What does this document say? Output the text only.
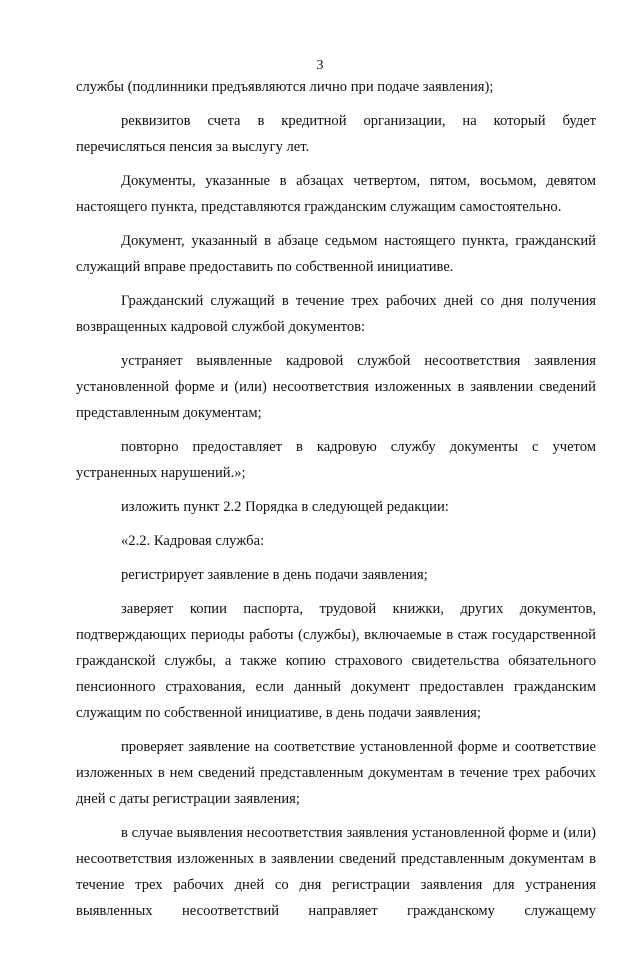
3

службы (подлинники предъявляются лично при подаче заявления);

реквизитов счета в кредитной организации, на который будет перечисляться пенсия за выслугу лет.

Документы, указанные в абзацах четвертом, пятом, восьмом, девятом настоящего пункта, представляются гражданским служащим самостоятельно.

Документ, указанный в абзаце седьмом настоящего пункта, гражданский служащий вправе предоставить по собственной инициативе.

Гражданский служащий в течение трех рабочих дней со дня получения возвращенных кадровой службой документов:

устраняет выявленные кадровой службой несоответствия заявления установленной форме и (или) несоответствия изложенных в заявлении сведений представленным документам;

повторно предоставляет в кадровую службу документы с учетом устраненных нарушений.»;

изложить пункт 2.2 Порядка в следующей редакции:

«2.2. Кадровая служба:

регистрирует заявление в день подачи заявления;

заверяет копии паспорта, трудовой книжки, других документов, подтверждающих периоды работы (службы), включаемые в стаж государственной гражданской службы, а также копию страхового свидетельства обязательного пенсионного страхования, если данный документ предоставлен гражданским служащим по собственной инициативе, в день подачи заявления;

проверяет заявление на соответствие установленной форме и соответствие изложенных в нем сведений представленным документам в течение трех рабочих дней с даты регистрации заявления;

в случае выявления несоответствия заявления установленной форме и (или) несоответствия изложенных в заявлении сведений представленным документам в течение трех рабочих дней со дня регистрации заявления для устранения выявленных несоответствий направляет гражданскому служащему
